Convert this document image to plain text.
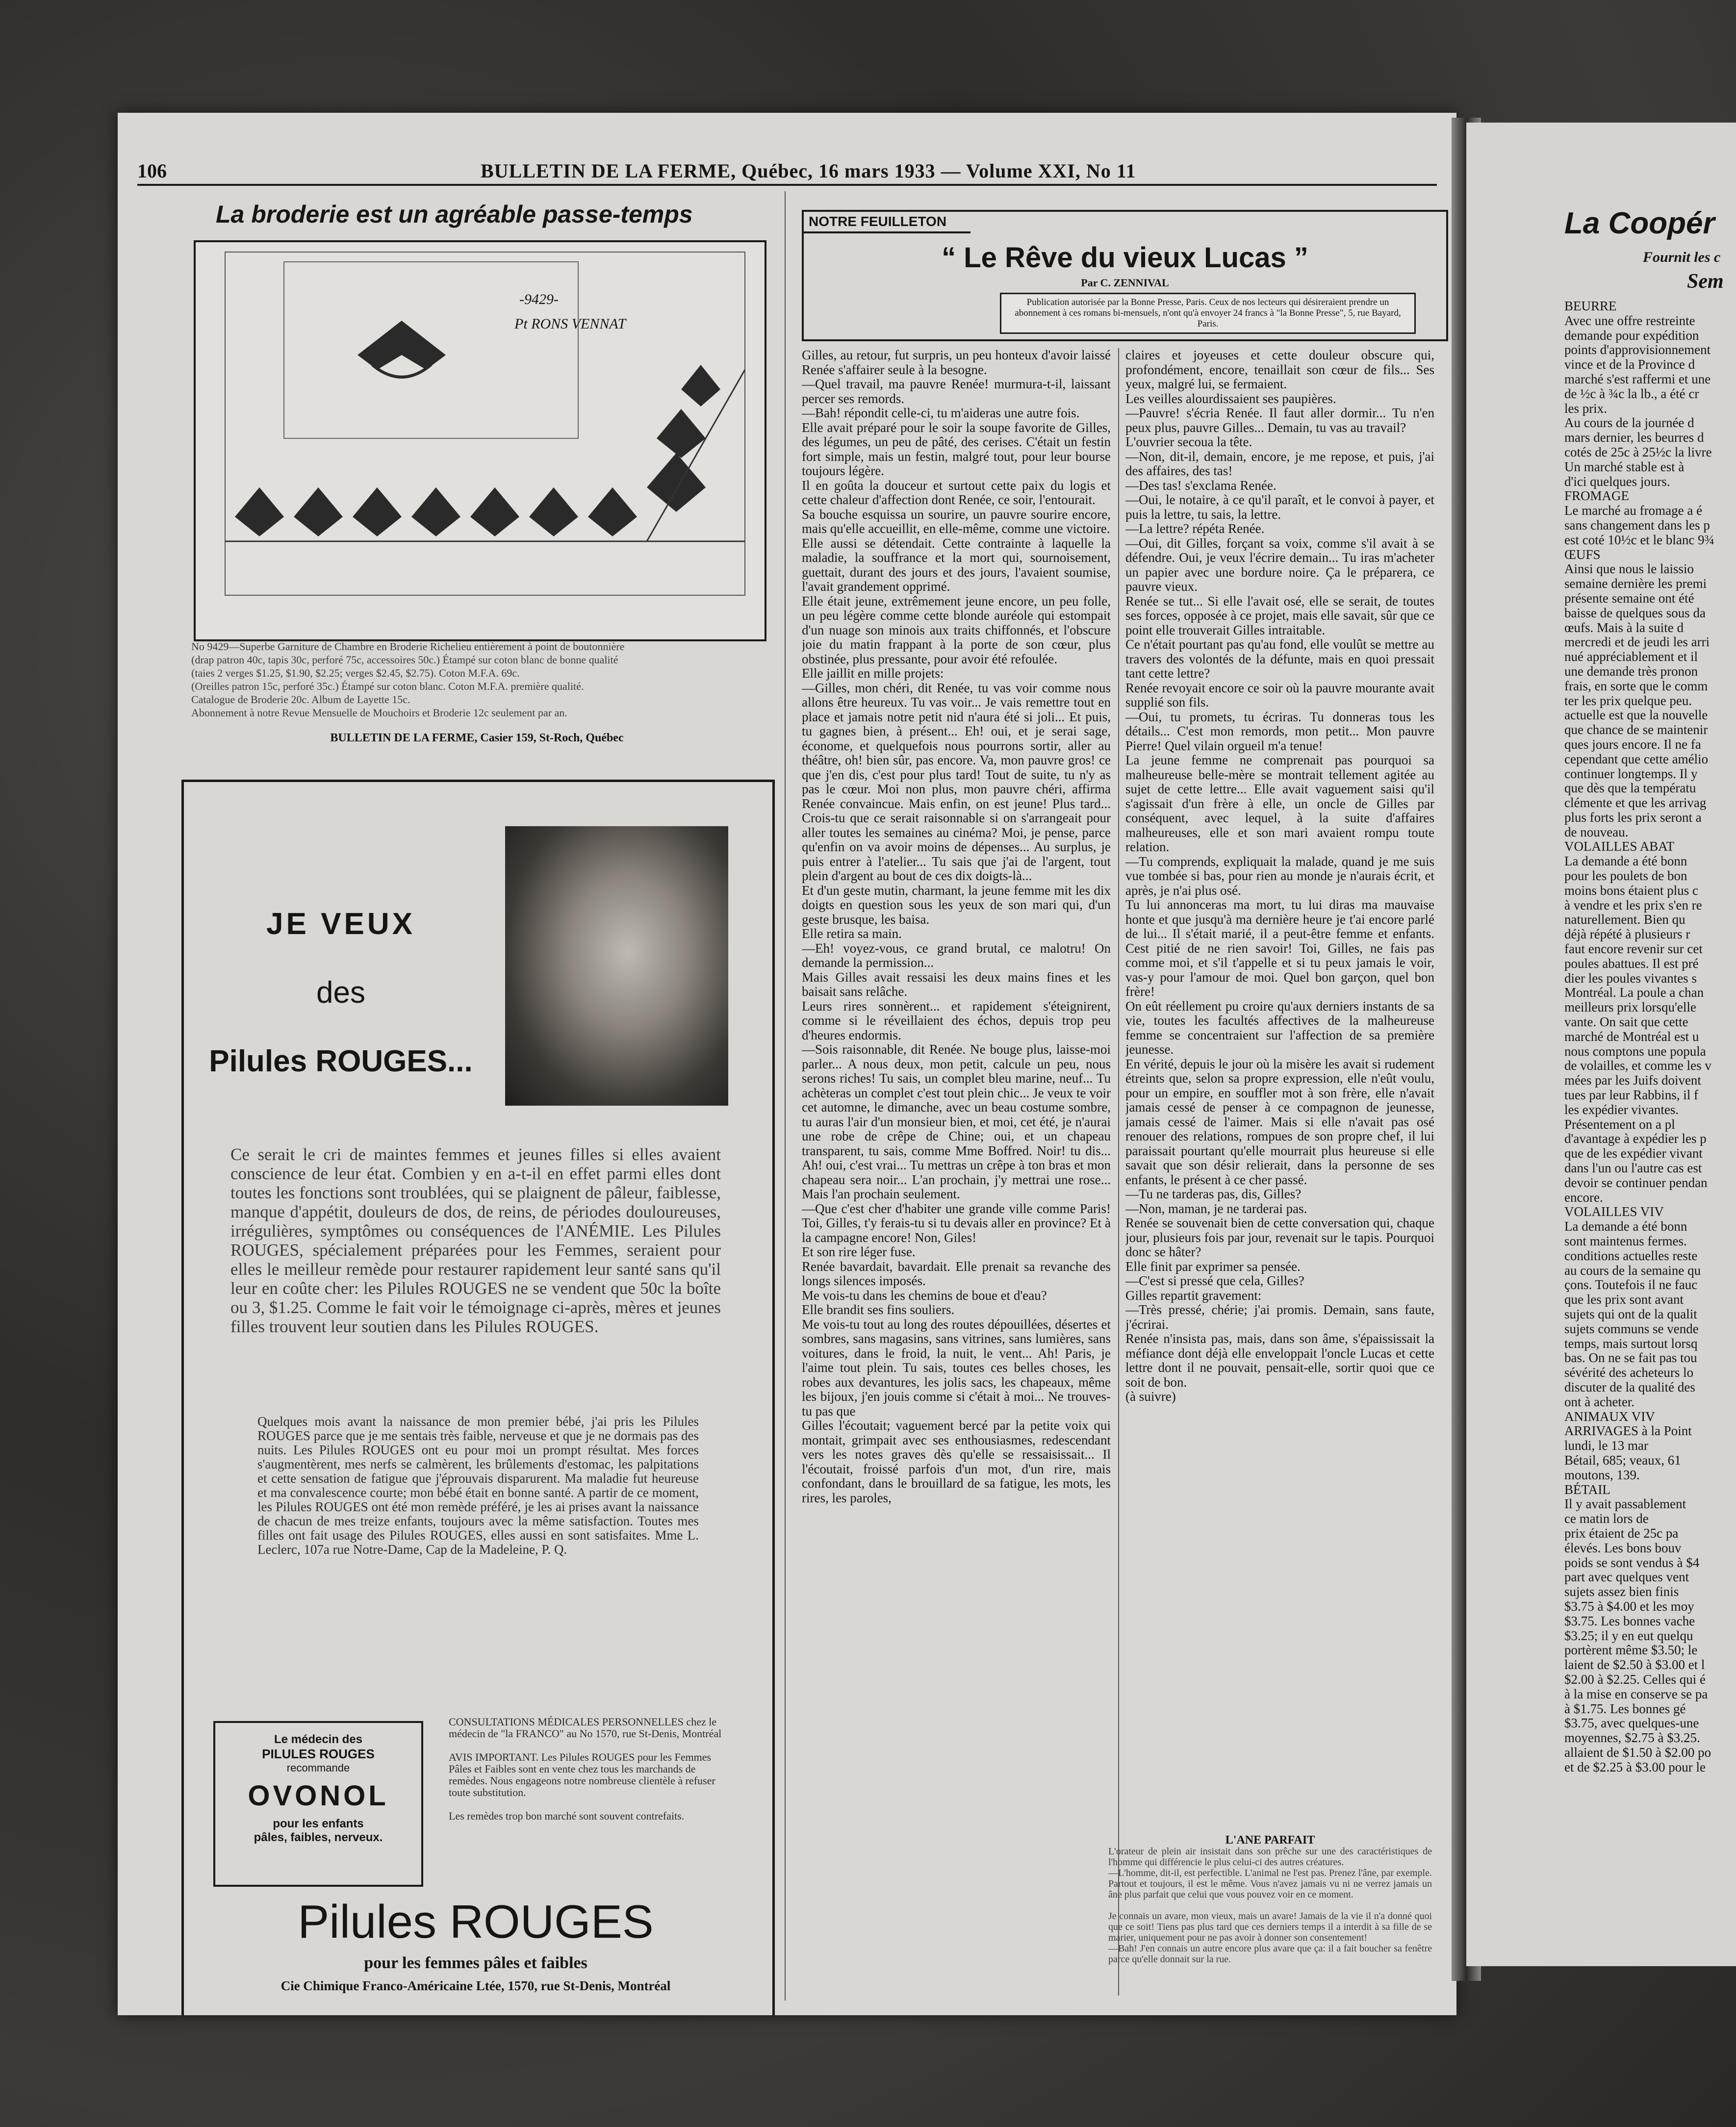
106	BULLETIN DE LA FERME, Québec, 16 mars 1933 — Volume XXI, No 11
La broderie est un agréable passe-temps
-9429-
Pt RONS VENNAT
No 9429—Superbe Garniture de Chambre en Broderie Richelieu entièrement à point de boutonnière
(drap patron 40c, tapis 30c, perforé 75c, accessoires 50c.) Étampé sur coton blanc de bonne qualité
(taies 2 verges $1.25, $1.90, $2.25; verges $2.45, $2.75). Coton M.F.A. 69c.
(Oreilles patron 15c, perforé 35c.) Étampé sur coton blanc. Coton M.F.A. première qualité.
Catalogue de Broderie 20c. Album de Layette 15c.
Abonnement à notre Revue Mensuelle de Mouchoirs et Broderie 12c seulement par an.
BULLETIN DE LA FERME, Casier 159, St-Roch, Québec
JE VEUX
des
Pilules ROUGES...
Ce serait le cri de maintes femmes et jeunes filles si elles avaient conscience de leur état. Combien y en a-t-il en effet parmi elles dont toutes les fonctions sont troublées, qui se plaignent de pâleur, faiblesse, manque d'appétit, douleurs de dos, de reins, de périodes douloureuses, irrégulières, symptômes ou conséquences de l'ANÉMIE. Les Pilules ROUGES, spécialement préparées pour les Femmes, seraient pour elles le meilleur remède pour restaurer rapidement leur santé sans qu'il leur en coûte cher: les Pilules ROUGES ne se vendent que 50c la boîte ou 3, $1.25. Comme le fait voir le témoignage ci-après, mères et jeunes filles trouvent leur soutien dans les Pilules ROUGES.
Quelques mois avant la naissance de mon premier bébé, j'ai pris les Pilules ROUGES parce que je me sentais très faible, nerveuse et que je ne dormais pas des nuits. Les Pilules ROUGES ont eu pour moi un prompt résultat. Mes forces s'augmentèrent, mes nerfs se calmèrent, les brûlements d'estomac, les palpitations et cette sensation de fatigue que j'éprouvais disparurent. Ma maladie fut heureuse et ma convalescence courte; mon bébé était en bonne santé. A partir de ce moment, les Pilules ROUGES ont été mon remède préféré, je les ai prises avant la naissance de chacun de mes treize enfants, toujours avec la même satisfaction. Toutes mes filles ont fait usage des Pilules ROUGES, elles aussi en sont satisfaites. Mme L. Leclerc, 107a rue Notre-Dame, Cap de la Madeleine, P. Q.
Le médecin des
PILULES ROUGES
recommande
OVONOL
pour les enfants
pâles, faibles, nerveux.
CONSULTATIONS MÉDICALES PERSONNELLES chez le médecin de "la FRANCO" au No 1570, rue St-Denis, Montréal

AVIS IMPORTANT. Les Pilules ROUGES pour les Femmes Pâles et Faibles sont en vente chez tous les marchands de remèdes. Nous engageons notre nombreuse clientèle à refuser toute substitution.

Les remèdes trop bon marché sont souvent contrefaits.
Pilules ROUGES
pour les femmes pâles et faibles
Cie Chimique Franco-Américaine Ltée, 1570, rue St-Denis, Montréal
NOTRE FEUILLETON
“ Le Rêve du vieux Lucas ”
Par C. ZENNIVAL
Publication autorisée par la Bonne Presse, Paris. Ceux de nos lecteurs qui désireraient prendre un abonnement à ces romans bi-mensuels, n'ont qu'à envoyer 24 francs à "la Bonne Presse", 5, rue Bayard, Paris.
Gilles, au retour, fut surpris, un peu honteux d'avoir laissé Renée s'affairer seule à la besogne.
—Quel travail, ma pauvre Renée! murmura-t-il, laissant percer ses remords.
—Bah! répondit celle-ci, tu m'aideras une autre fois.
Elle avait préparé pour le soir la soupe favorite de Gilles, des légumes, un peu de pâté, des cerises. C'était un festin fort simple, mais un festin, malgré tout, pour leur bourse toujours légère.
Il en goûta la douceur et surtout cette paix du logis et cette chaleur d'affection dont Renée, ce soir, l'entourait.
Sa bouche esquissa un sourire, un pauvre sourire encore, mais qu'elle accueillit, en elle-même, comme une victoire.
Elle aussi se détendait. Cette contrainte à laquelle la maladie, la souffrance et la mort qui, sournoisement, guettait, durant des jours et des jours, l'avaient soumise, l'avait grandement opprimé.
Elle était jeune, extrêmement jeune encore, un peu folle, un peu légère comme cette blonde auréole qui estompait d'un nuage son minois aux traits chiffonnés, et l'obscure joie du matin frappant à la porte de son cœur, plus obstinée, plus pressante, pour avoir été refoulée.
Elle jaillit en mille projets:
—Gilles, mon chéri, dit Renée, tu vas voir comme nous allons être heureux. Tu vas voir... Je vais remettre tout en place et jamais notre petit nid n'aura été si joli... Et puis, tu gagnes bien, à présent... Eh! oui, et je serai sage, économe, et quelquefois nous pourrons sortir, aller au théâtre, oh! bien sûr, pas encore. Va, mon pauvre gros! ce que j'en dis, c'est pour plus tard! Tout de suite, tu n'y as pas le cœur. Moi non plus, mon pauvre chéri, affirma Renée convaincue. Mais enfin, on est jeune! Plus tard... Crois-tu que ce serait raisonnable si on s'arrangeait pour aller toutes les semaines au cinéma? Moi, je pense, parce qu'enfin on va avoir moins de dépenses... Au surplus, je puis entrer à l'atelier... Tu sais que j'ai de l'argent, tout plein d'argent au bout de ces dix doigts-là...
Et d'un geste mutin, charmant, la jeune femme mit les dix doigts en question sous les yeux de son mari qui, d'un geste brusque, les baisa.
Elle retira sa main.
—Eh! voyez-vous, ce grand brutal, ce malotru! On demande la permission...
Mais Gilles avait ressaisi les deux mains fines et les baisait sans relâche.
Leurs rires sonnèrent... et rapidement s'éteignirent, comme si le réveillaient des échos, depuis trop peu d'heures endormis.
—Sois raisonnable, dit Renée. Ne bouge plus, laisse-moi parler... A nous deux, mon petit, calcule un peu, nous serons riches! Tu sais, un complet bleu marine, neuf... Tu achèteras un complet c'est tout plein chic... Je veux te voir cet automne, le dimanche, avec un beau costume sombre, tu auras l'air d'un monsieur bien, et moi, cet été, je n'aurai une robe de crêpe de Chine; oui, et un chapeau transparent, tu sais, comme Mme Boffred. Noir! tu dis... Ah! oui, c'est vrai... Tu mettras un crêpe à ton bras et mon chapeau sera noir... L'an prochain, j'y mettrai une rose... Mais l'an prochain seulement.
—Que c'est cher d'habiter une grande ville comme Paris! Toi, Gilles, t'y ferais-tu si tu devais aller en province? Et à la campagne encore! Non, Giles!
Et son rire léger fuse.
Renée bavardait, bavardait. Elle prenait sa revanche des longs silences imposés.
Me vois-tu dans les chemins de boue et d'eau?
Elle brandit ses fins souliers.
Me vois-tu tout au long des routes dépouillées, désertes et sombres, sans magasins, sans vitrines, sans lumières, sans voitures, dans le froid, la nuit, le vent... Ah! Paris, je l'aime tout plein. Tu sais, toutes ces belles choses, les robes aux devantures, les jolis sacs, les chapeaux, même les bijoux, j'en jouis comme si c'était à moi... Ne trouves-tu pas que
Gilles l'écoutait; vaguement bercé par la petite voix qui montait, grimpait avec ses enthousiasmes, redescendant vers les notes graves dès qu'elle se ressaisissait... Il l'écoutait, froissé parfois d'un mot, d'un rire, mais confondant, dans le brouillard de sa fatigue, les mots, les rires, les paroles,
claires et joyeuses et cette douleur obscure qui, profondément, encore, tenaillait son cœur de fils... Ses yeux, malgré lui, se fermaient.
Les veilles alourdissaient ses paupières.
—Pauvre! s'écria Renée. Il faut aller dormir... Tu n'en peux plus, pauvre Gilles... Demain, tu vas au travail?
L'ouvrier secoua la tête.
—Non, dit-il, demain, encore, je me repose, et puis, j'ai des affaires, des tas!
—Des tas! s'exclama Renée.
—Oui, le notaire, à ce qu'il paraît, et le convoi à payer, et puis la lettre, tu sais, la lettre.
—La lettre? répéta Renée.
—Oui, dit Gilles, forçant sa voix, comme s'il avait à se défendre. Oui, je veux l'écrire demain... Tu iras m'acheter un papier avec une bordure noire. Ça le préparera, ce pauvre vieux.
Renée se tut... Si elle l'avait osé, elle se serait, de toutes ses forces, opposée à ce projet, mais elle savait, sûr que ce point elle trouverait Gilles intraitable.
Ce n'était pourtant pas qu'au fond, elle voulût se mettre au travers des volontés de la défunte, mais en quoi pressait tant cette lettre?
Renée revoyait encore ce soir où la pauvre mourante avait supplié son fils.
—Oui, tu promets, tu écriras. Tu donneras tous les détails... C'est mon remords, mon petit... Mon pauvre Pierre! Quel vilain orgueil m'a tenue!
La jeune femme ne comprenait pas pourquoi sa malheureuse belle-mère se montrait tellement agitée au sujet de cette lettre... Elle avait vaguement saisi qu'il s'agissait d'un frère à elle, un oncle de Gilles par conséquent, avec lequel, à la suite d'affaires malheureuses, elle et son mari avaient rompu toute relation.
—Tu comprends, expliquait la malade, quand je me suis vue tombée si bas, pour rien au monde je n'aurais écrit, et après, je n'ai plus osé.
Tu lui annonceras ma mort, tu lui diras ma mauvaise honte et que jusqu'à ma dernière heure je t'ai encore parlé de lui... Il s'était marié, il a peut-être femme et enfants. Cest pitié de ne rien savoir! Toi, Gilles, ne fais pas comme moi, et s'il t'appelle et si tu peux jamais le voir, vas-y pour l'amour de moi. Quel bon garçon, quel bon frère!
On eût réellement pu croire qu'aux derniers instants de sa vie, toutes les facultés affectives de la malheureuse femme se concentraient sur l'affection de sa première jeunesse.
En vérité, depuis le jour où la misère les avait si rudement étreints que, selon sa propre expression, elle n'eût voulu, pour un empire, en souffler mot à son frère, elle n'avait jamais cessé de penser à ce compagnon de jeunesse, jamais cessé de l'aimer. Mais si elle n'avait pas osé renouer des relations, rompues de son propre chef, il lui paraissait pourtant qu'elle mourrait plus heureuse si elle savait que son désir relierait, dans la personne de ses enfants, le présent à ce cher passé.
—Tu ne tarderas pas, dis, Gilles?
—Non, maman, je ne tarderai pas.
Renée se souvenait bien de cette conversation qui, chaque jour, plusieurs fois par jour, revenait sur le tapis. Pourquoi donc se hâter?
Elle finit par exprimer sa pensée.
—C'est si pressé que cela, Gilles?
Gilles repartit gravement:
—Très pressé, chérie; j'ai promis. Demain, sans faute, j'écrirai.
Renée n'insista pas, mais, dans son âme, s'épaississait la méfiance dont déjà elle enveloppait l'oncle Lucas et cette lettre dont il ne pouvait, pensait-elle, sortir quoi que ce soit de bon.
(à suivre)
L'ANE PARFAIT
L'orateur de plein air insistait dans son prêche sur une des caractéristiques de l'homme qui différencie le plus celui-ci des autres créatures.
—L'homme, dit-il, est perfectible. L'animal ne l'est pas. Prenez l'âne, par exemple. Partout et toujours, il est le même. Vous n'avez jamais vu ni ne verrez jamais un âne plus parfait que celui que vous pouvez voir en ce moment.

Je connais un avare, mon vieux, mais un avare! Jamais de la vie il n'a donné quoi que ce soit! Tiens pas plus tard que ces derniers temps il a interdit à sa fille de se marier, uniquement pour ne pas avoir à donner son consentement!
—Bah! J'en connais un autre encore plus avare que ça: il a fait boucher sa fenêtre parce qu'elle donnait sur la rue.
La Coopér
Fournit les c
Sem
BEURRE
Avec une offre restreinte
demande pour expédition
points d'approvisionnement
vince et de la Province d
marché s'est raffermi et une
de ½c à ¾c la lb., a été cr
les prix.
Au cours de la journée d
mars dernier, les beurres d
cotés de 25c à 25½c la livre
Un marché stable est à
d'ici quelques jours.
FROMAGE
Le marché au fromage a é
sans changement dans les p
est coté 10½c et le blanc 9¾
ŒUFS
Ainsi que nous le laissio
semaine dernière les premi
présente semaine ont été
baisse de quelques sous da
œufs. Mais à la suite d
mercredi et de jeudi les arri
nué appréciablement et il
une demande très pronon
frais, en sorte que le comm
ter les prix quelque peu.
actuelle est que la nouvelle
que chance de se maintenir
ques jours encore. Il ne fa
cependant que cette amélio
continuer longtemps. Il y
que dès que la températu
clémente et que les arrivag
plus forts les prix seront a
de nouveau.
VOLAILLES ABAT
La demande a été bonn
pour les poulets de bon
moins bons étaient plus c
à vendre et les prix s'en re
naturellement. Bien qu
déjà répété à plusieurs r
faut encore revenir sur cet
poules abattues. Il est pré
dier les poules vivantes s
Montréal. La poule a chan
meilleurs prix lorsqu'elle
vante. On sait que cette
marché de Montréal est u
nous comptons une popula
de volailles, et comme les v
mées par les Juifs doivent
tues par leur Rabbins, il f
les expédier vivantes.
Présentement on a pl
d'avantage à expédier les p
que de les expédier vivant
dans l'un ou l'autre cas est
devoir se continuer pendan
encore.
VOLAILLES VIV
La demande a été bonn
sont maintenus fermes.
conditions actuelles reste
au cours de la semaine qu
çons. Toutefois il ne fauc
que les prix sont avant
sujets qui ont de la qualit
sujets communs se vende
temps, mais surtout lorsq
bas. On ne se fait pas tou
sévérité des acheteurs lo
discuter de la qualité des
ont à acheter.
ANIMAUX VIV
ARRIVAGES à la Point
lundi, le 13 mar
Bétail, 685; veaux, 61
moutons, 139.
BÉTAIL
Il y avait passablement
ce matin lors de
prix étaient de 25c pa
élevés. Les bons bouv
poids se sont vendus à $4
part avec quelques vent
sujets assez bien finis
$3.75 à $4.00 et les moy
$3.75. Les bonnes vache
$3.25; il y en eut quelqu
portèrent même $3.50; le
laient de $2.50 à $3.00 et l
$2.00 à $2.25. Celles qui é
à la mise en conserve se pa
à $1.75. Les bonnes gé
$3.75, avec quelques-une
moyennes, $2.75 à $3.25.
allaient de $1.50 à $2.00 po
et de $2.25 à $3.00 pour le
